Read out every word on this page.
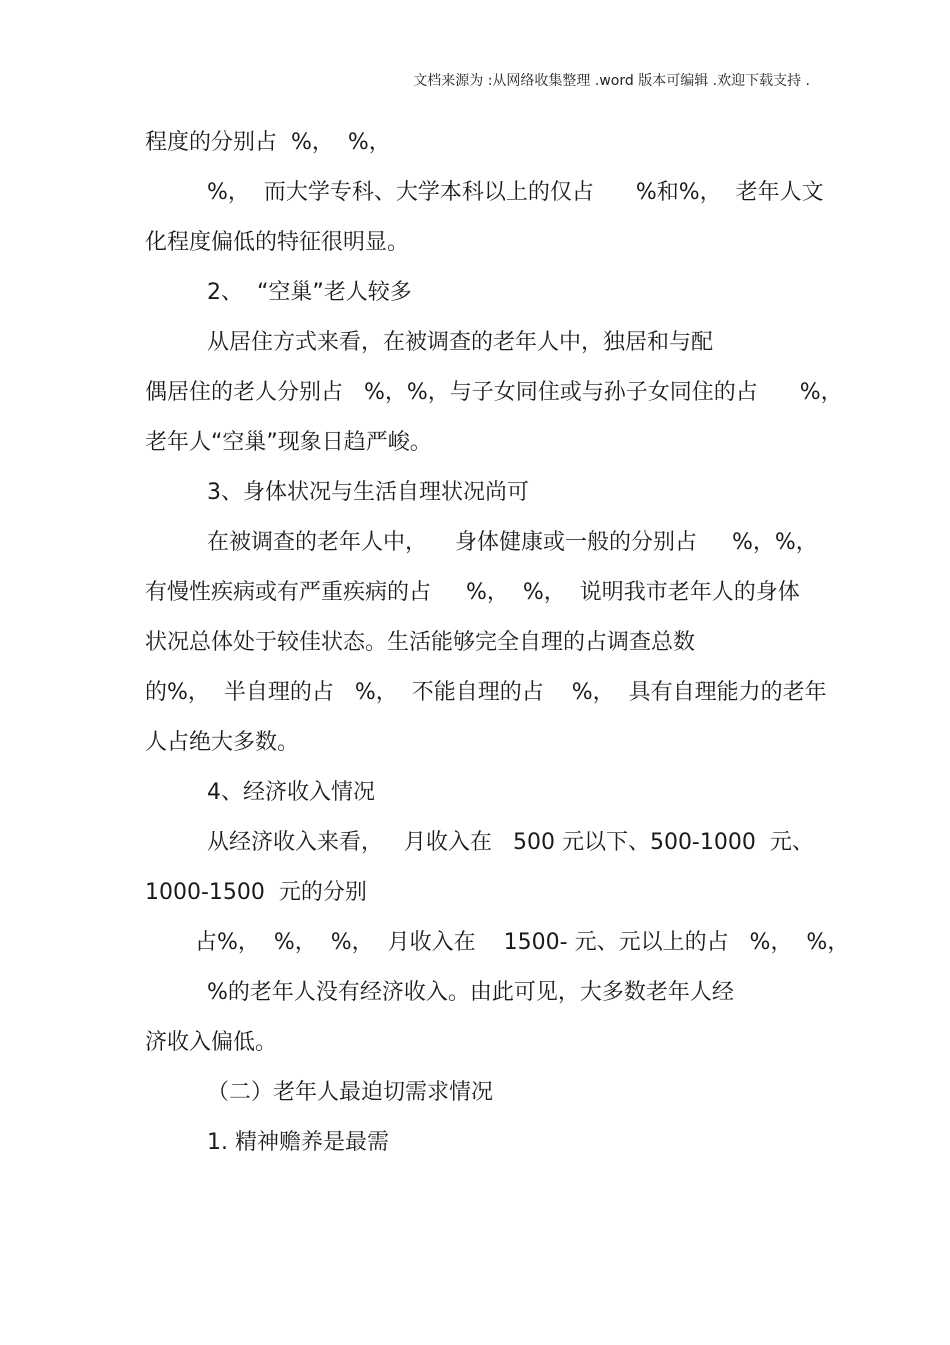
文档来源为 :从网络收集整理 .word 版本可编辑 .欢迎下载支持 .
程度的分别占  %，  %，
%，  而大学专科、大学本科以上的仅占      %和%，  老年人文
化程度偏低的特征很明显。
2、  “空巢”老人较多
从居住方式来看，在被调查的老年人中，独居和与配
偶居住的老人分别占   %，%，与子女同住或与孙子女同住的占      %，
老年人“空巢”现象日趋严峻。
3、身体状况与生活自理状况尚可
在被调查的老年人中，    身体健康或一般的分别占     %，%，
有慢性疾病或有严重疾病的占     %，  %，  说明我市老年人的身体
状况总体处于较佳状态。生活能够完全自理的占调查总数
的%，  半自理的占   %，  不能自理的占    %，  具有自理能力的老年
人占绝大多数。
4、经济收入情况
从经济收入来看，   月收入在   500 元以下、500-1000  元、
1000-1500  元的分别
占%，  %，  %，  月收入在    1500- 元、元以上的占   %，  %，
%的老年人没有经济收入。由此可见，大多数老年人经
济收入偏低。
（二）老年人最迫切需求情况
1. 精神赡养是最需
